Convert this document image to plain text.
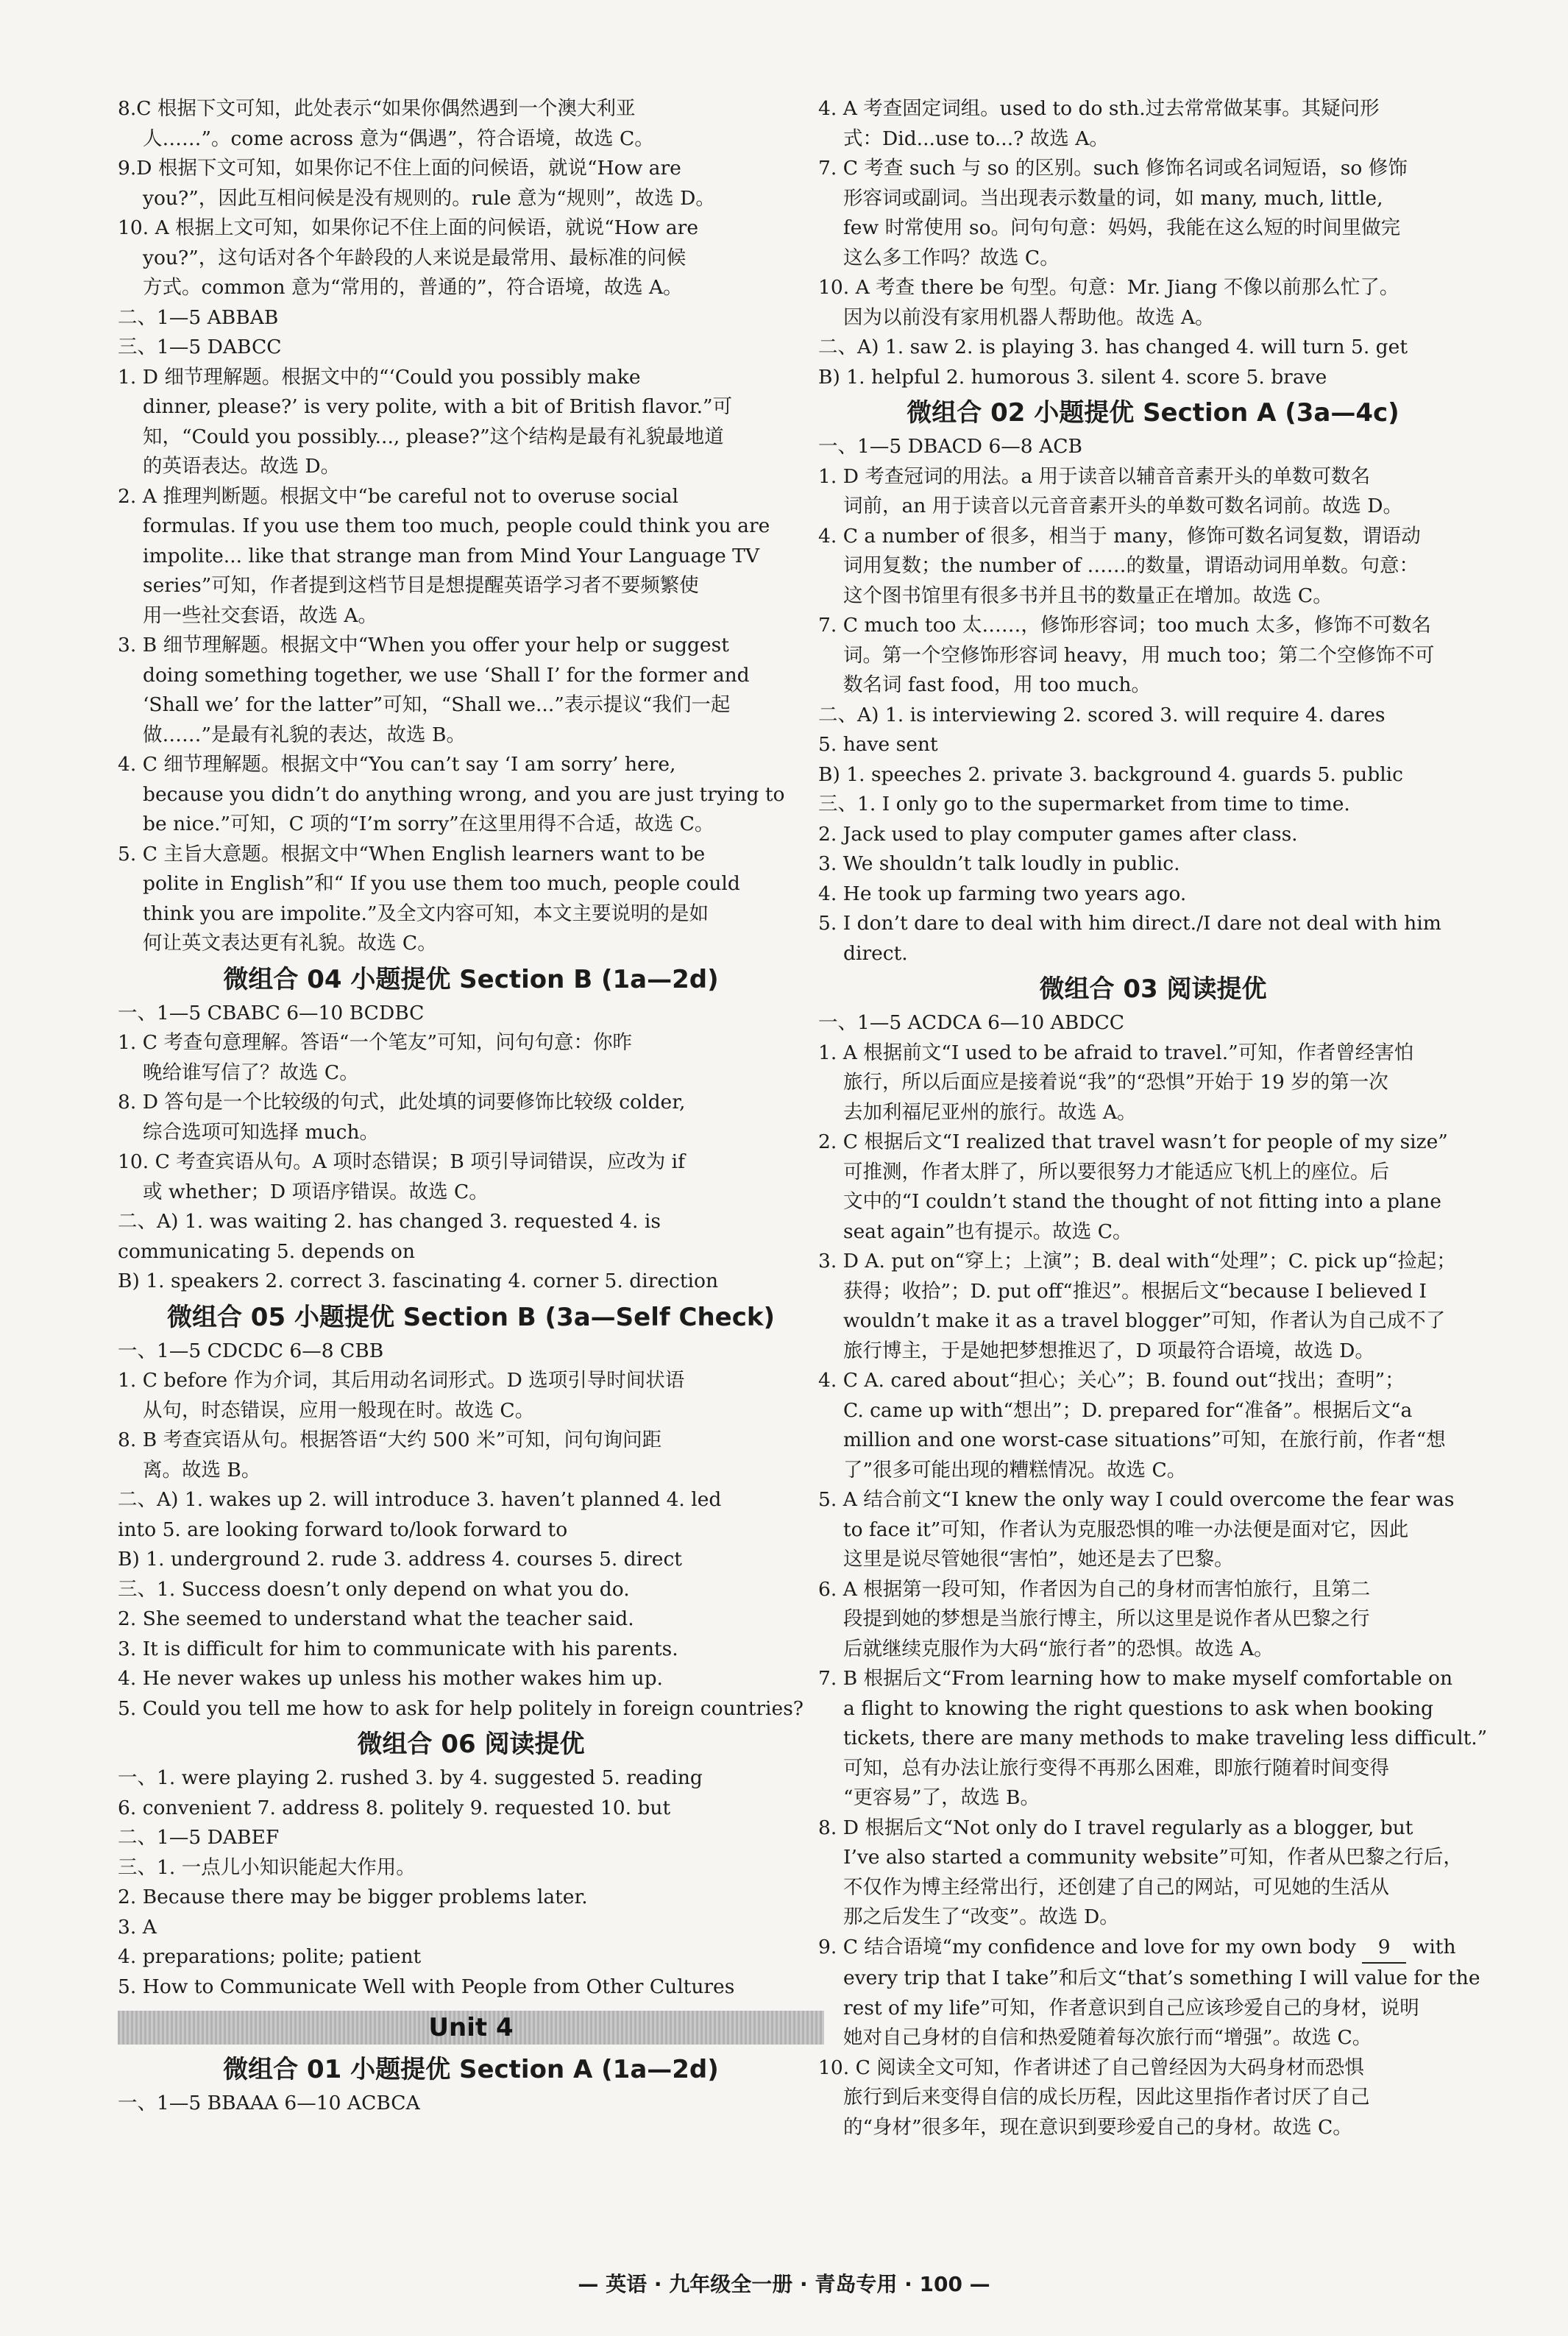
8.C 根据下文可知，此处表示“如果你偶然遇到一个澳大利亚
人……”。come across 意为“偶遇”，符合语境，故选 C。
9.D 根据下文可知，如果你记不住上面的问候语，就说“How are
you?”，因此互相问候是没有规则的。rule 意为“规则”，故选 D。
10. A 根据上文可知，如果你记不住上面的问候语，就说“How are
you?”，这句话对各个年龄段的人来说是最常用、最标准的问候
方式。common 意为“常用的，普通的”，符合语境，故选 A。
二、1—5 ABBAB
三、1—5 DABCC
1. D 细节理解题。根据文中的“‘Could you possibly make
dinner, please?’ is very polite, with a bit of British flavor.”可
知，“Could you possibly..., please?”这个结构是最有礼貌最地道
的英语表达。故选 D。
2. A 推理判断题。根据文中“be careful not to overuse social
formulas. If you use them too much, people could think you are
impolite... like that strange man from Mind Your Language TV
series”可知，作者提到这档节目是想提醒英语学习者不要频繁使
用一些社交套语，故选 A。
3. B 细节理解题。根据文中“When you offer your help or suggest
doing something together, we use ‘Shall I’ for the former and
‘Shall we’ for the latter”可知，“Shall we...”表示提议“我们一起
做……”是最有礼貌的表达，故选 B。
4. C 细节理解题。根据文中“You can’t say ‘I am sorry’ here,
because you didn’t do anything wrong, and you are just trying to
be nice.”可知，C 项的“I’m sorry”在这里用得不合适，故选 C。
5. C 主旨大意题。根据文中“When English learners want to be
polite in English”和“ If you use them too much, people could
think you are impolite.”及全文内容可知，本文主要说明的是如
何让英文表达更有礼貌。故选 C。
微组合 04 小题提优 Section B (1a—2d)
一、1—5 CBABC 6—10 BCDBC
1. C 考查句意理解。答语“一个笔友”可知，问句句意：你昨
晚给谁写信了？故选 C。
8. D 答句是一个比较级的句式，此处填的词要修饰比较级 colder,
综合选项可知选择 much。
10. C 考查宾语从句。A 项时态错误；B 项引导词错误，应改为 if
或 whether；D 项语序错误。故选 C。
二、A) 1. was waiting 2. has changed 3. requested 4. is
communicating 5. depends on
B) 1. speakers 2. correct 3. fascinating 4. corner 5. direction
微组合 05 小题提优 Section B (3a—Self Check)
一、1—5 CDCDC 6—8 CBB
1. C before 作为介词，其后用动名词形式。D 选项引导时间状语
从句，时态错误，应用一般现在时。故选 C。
8. B 考查宾语从句。根据答语“大约 500 米”可知，问句询问距
离。故选 B。
二、A) 1. wakes up 2. will introduce 3. haven’t planned 4. led
into 5. are looking forward to/look forward to
B) 1. underground 2. rude 3. address 4. courses 5. direct
三、1. Success doesn’t only depend on what you do.
2. She seemed to understand what the teacher said.
3. It is difficult for him to communicate with his parents.
4. He never wakes up unless his mother wakes him up.
5. Could you tell me how to ask for help politely in foreign countries?
微组合 06 阅读提优
一、1. were playing 2. rushed 3. by 4. suggested 5. reading
6. convenient 7. address 8. politely 9. requested 10. but
二、1—5 DABEF
三、1. 一点儿小知识能起大作用。
2. Because there may be bigger problems later.
3. A
4. preparations; polite; patient
5. How to Communicate Well with People from Other Cultures
Unit 4
微组合 01 小题提优 Section A (1a—2d)
一、1—5 BBAAA 6—10 ACBCA
4. A 考查固定词组。used to do sth.过去常常做某事。其疑问形
式：Did...use to...? 故选 A。
7. C 考查 such 与 so 的区别。such 修饰名词或名词短语，so 修饰
形容词或副词。当出现表示数量的词，如 many, much, little,
few 时常使用 so。问句句意：妈妈，我能在这么短的时间里做完
这么多工作吗？故选 C。
10. A 考查 there be 句型。句意：Mr. Jiang 不像以前那么忙了。
因为以前没有家用机器人帮助他。故选 A。
二、A) 1. saw 2. is playing 3. has changed 4. will turn 5. get
B) 1. helpful 2. humorous 3. silent 4. score 5. brave
微组合 02 小题提优 Section A (3a—4c)
一、1—5 DBACD 6—8 ACB
1. D 考查冠词的用法。a 用于读音以辅音音素开头的单数可数名
词前，an 用于读音以元音音素开头的单数可数名词前。故选 D。
4. C a number of 很多，相当于 many，修饰可数名词复数，谓语动
词用复数；the number of ……的数量，谓语动词用单数。句意：
这个图书馆里有很多书并且书的数量正在增加。故选 C。
7. C much too 太……，修饰形容词；too much 太多，修饰不可数名
词。第一个空修饰形容词 heavy，用 much too；第二个空修饰不可
数名词 fast food，用 too much。
二、A) 1. is interviewing 2. scored 3. will require 4. dares
5. have sent
B) 1. speeches 2. private 3. background 4. guards 5. public
三、1. I only go to the supermarket from time to time.
2. Jack used to play computer games after class.
3. We shouldn’t talk loudly in public.
4. He took up farming two years ago.
5. I don’t dare to deal with him direct./I dare not deal with him
direct.
微组合 03 阅读提优
一、1—5 ACDCA 6—10 ABDCC
1. A 根据前文“I used to be afraid to travel.”可知，作者曾经害怕
旅行，所以后面应是接着说“我”的“恐惧”开始于 19 岁的第一次
去加利福尼亚州的旅行。故选 A。
2. C 根据后文“I realized that travel wasn’t for people of my size”
可推测，作者太胖了，所以要很努力才能适应飞机上的座位。后
文中的“I couldn’t stand the thought of not fitting into a plane
seat again”也有提示。故选 C。
3. D A. put on“穿上；上演”；B. deal with“处理”；C. pick up“捡起；
获得；收拾”；D. put off“推迟”。根据后文“because I believed I
wouldn’t make it as a travel blogger”可知，作者认为自己成不了
旅行博主，于是她把梦想推迟了，D 项最符合语境，故选 D。
4. C A. cared about“担心；关心”；B. found out“找出；查明”；
C. came up with“想出”；D. prepared for“准备”。根据后文“a
million and one worst-case situations”可知，在旅行前，作者“想
了”很多可能出现的糟糕情况。故选 C。
5. A 结合前文“I knew the only way I could overcome the fear was
to face it”可知，作者认为克服恐惧的唯一办法便是面对它，因此
这里是说尽管她很“害怕”，她还是去了巴黎。
6. A 根据第一段可知，作者因为自己的身材而害怕旅行，且第二
段提到她的梦想是当旅行博主，所以这里是说作者从巴黎之行
后就继续克服作为大码“旅行者”的恐惧。故选 A。
7. B 根据后文“From learning how to make myself comfortable on
a flight to knowing the right questions to ask when booking
tickets, there are many methods to make traveling less difficult.”
可知，总有办法让旅行变得不再那么困难，即旅行随着时间变得
“更容易”了，故选 B。
8. D 根据后文“Not only do I travel regularly as a blogger, but
I’ve also started a community website”可知，作者从巴黎之行后，
不仅作为博主经常出行，还创建了自己的网站，可见她的生活从
那之后发生了“改变”。故选 D。
9. C 结合语境“my confidence and love for my own body 9 with
every trip that I take”和后文“that’s something I will value for the
rest of my life”可知，作者意识到自己应该珍爱自己的身材，说明
她对自己身材的自信和热爱随着每次旅行而“增强”。故选 C。
10. C 阅读全文可知，作者讲述了自己曾经因为大码身材而恐惧
旅行到后来变得自信的成长历程，因此这里指作者讨厌了自己
的“身材”很多年，现在意识到要珍爱自己的身材。故选 C。
— 英语 · 九年级全一册 · 青岛专用 · 100 —
